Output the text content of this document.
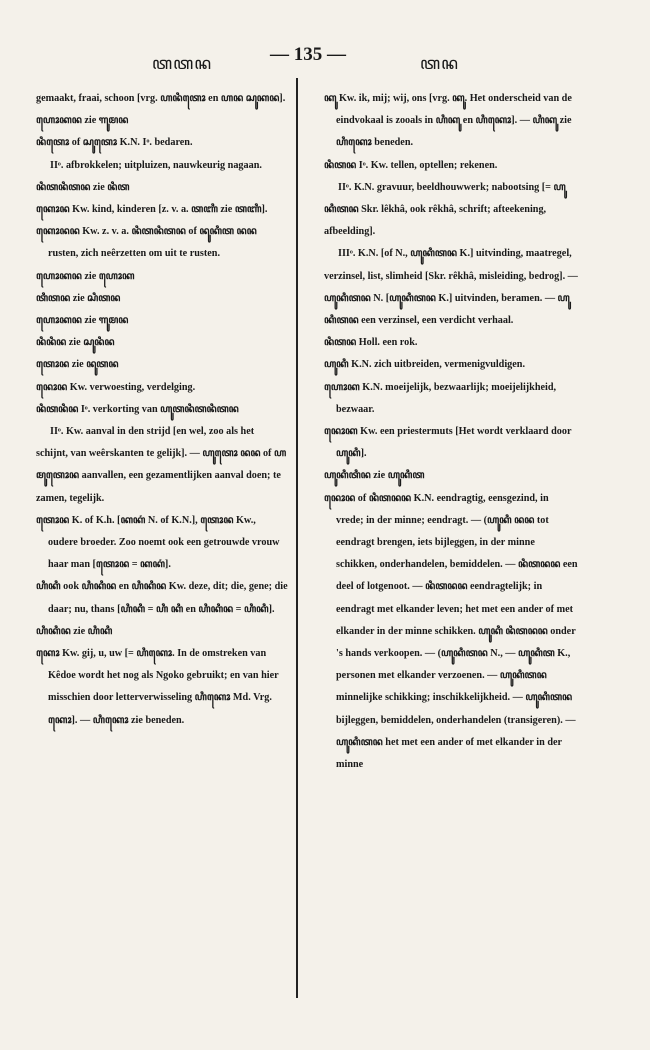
ꦠꦠꦤ	— 135 —	ꦠꦤ

gemaakt, fraai, schoon [vrg. ꦲꦤꦶꦠꦺꦴ en ꦲꦤ ꦱꦸꦏꦤ].

ꦲꦺꦴꦏꦤ zie ꦒꦸꦩꦤ

ꦤꦶꦠꦺꦴ of ꦱꦸꦠꦺꦴ K.N. Iᵒ. bedaren.

IIᵒ. afbrokkelen; uitpluizen, nauwkeurig nagaan.

ꦤꦶꦠꦤꦶꦠꦤ zie ꦤꦶꦠ

ꦏꦺꦴꦤ Kw. kind, kinderen [z. v. a. ꦠꦚꦶ zie ꦠꦚꦶ].

ꦏꦺꦴꦤꦤ Kw. z. v. a. ꦤꦶꦠꦤꦶꦠꦤ of ꦤꦸꦏꦶꦠ ꦤꦤ rusten, zich neêrzetten om uit te rusten.

ꦲꦺꦴꦏꦤ zie ꦲꦺꦴꦏ

ꦠꦶꦠꦤ zie ꦱꦶꦠꦤ

ꦲꦺꦴꦏꦤ zie ꦒꦸꦩꦤ

ꦤꦶꦤꦶꦤ zie ꦱꦸꦤꦶꦤ

ꦠꦺꦴꦤ zie ꦤꦸꦠꦤ

ꦤꦺꦴꦤ Kw. verwoesting, verdelging.

ꦤꦶꦠꦤꦶꦤ Iᵒ. verkorting van ꦲꦸꦠꦤꦶꦠꦤꦶꦠꦤ

IIᵒ. Kw. aanval in den strijd [en wel, zoo als het schijnt, van weêrskanten te gelijk]. — ꦲꦸꦠꦺꦴ ꦤꦤ of ꦲꦩꦸꦠꦺꦴꦤ aanvallen, een gezamentlijken aanval doen; te zamen, tegelijk.

ꦠꦺꦴꦤ K. of K.h. [ꦏꦏꦁ N. of K.N.], ꦠꦺꦴꦤ Kw., oudere broeder. Zoo noemt ook een getrouwde vrouw haar man [ꦠꦺꦴꦤ = ꦏꦏꦁ].

ꦲꦶꦏꦶ ook ꦲꦶꦏꦶꦤ en ꦲꦶꦏꦶꦤ Kw. deze, dit; die, gene; die daar; nu, thans [ꦲꦶꦏꦶ = ꦲꦶ ꦏꦶ en ꦲꦶꦏꦶꦤ = ꦲꦶꦏꦶ].

ꦲꦶꦏꦶꦤ zie ꦲꦶꦏꦶ

ꦏꦺꦴ Kw. gij, u, uw [= ꦲꦶꦏꦺꦴ. In de omstreken van Kêdoe wordt het nog als Ngoko gebruikt; en van hier misschien door letterverwisseling ꦲꦶꦏꦺꦴ Md. Vrg. ꦏꦺꦴ]. — ꦲꦶꦏꦺꦴ zie beneden.

ꦏꦸ Kw. ik, mij; wij, ons [vrg. ꦏꦸ. Het onderscheid van de eindvokaal is zooals in ꦲꦶꦏꦸ en ꦲꦶꦏꦺꦴ]. — ꦲꦶꦏꦸ zie ꦲꦶꦏꦺꦴ beneden.

ꦤꦶꦠꦤ Iᵒ. Kw. tellen, optellen; rekenen.

IIᵒ. K.N. gravuur, beeldhouwwerk; nabootsing [= ꦲꦸꦏꦶꦠꦤ Skr. lêkhâ, ook rêkhâ, schrift; afteekening, afbeelding].

IIIᵒ. K.N. [of N., ꦲꦸꦏꦶꦠꦤ K.] uitvinding, maatregel, verzinsel, list, slimheid [Skr. rêkhâ, misleiding, bedrog]. — ꦲꦸꦏꦶꦠꦤ N. [ꦲꦸꦏꦶꦠꦤ K.] uitvinden, beramen. — ꦲꦸꦏꦶꦠꦤ een verzinsel, een verdicht verhaal.

ꦤꦶꦠꦤ Holl. een rok.

ꦲꦸꦏꦶ K.N. zich uitbreiden, vermenigvuldigen.

ꦲꦺꦴꦏ K.N. moeijelijk, bezwaarlijk; moeijelijkheid, bezwaar.

ꦤꦺꦴꦏ Kw. een priestermuts [Het wordt verklaard door ꦲꦸꦏꦶ].

ꦲꦸꦏꦶꦠꦶꦤ zie ꦲꦸꦏꦶꦠ

ꦤꦺꦴꦤ of ꦤꦶꦠꦤꦤ K.N. eendragtig, eensgezind, in vrede; in der minne; eendragt. — (ꦲꦸꦏꦶ ꦤꦤ tot eendragt brengen, iets bijleggen, in der minne schikken, onderhandelen, bemiddelen. — ꦤꦶꦠꦤꦤ een deel of lotgenoot. — ꦤꦶꦠꦤꦤ eendragtelijk; in eendragt met elkander leven; het met een ander of met elkander in der minne schikken. ꦲꦸꦏꦶ ꦤꦶꦠꦤꦤ onder 's hands verkoopen. — (ꦲꦸꦏꦶꦠꦤ N., — ꦲꦸꦏꦶꦠ K., personen met elkander verzoenen. — ꦲꦸꦏꦶꦠꦤ minnelijke schikking; inschikkelijkheid. — ꦲꦸꦏꦶꦠꦤ bijleggen, bemiddelen, onderhandelen (transigeren). — ꦲꦸꦏꦶꦠꦤ het met een ander of met elkander in der minne
